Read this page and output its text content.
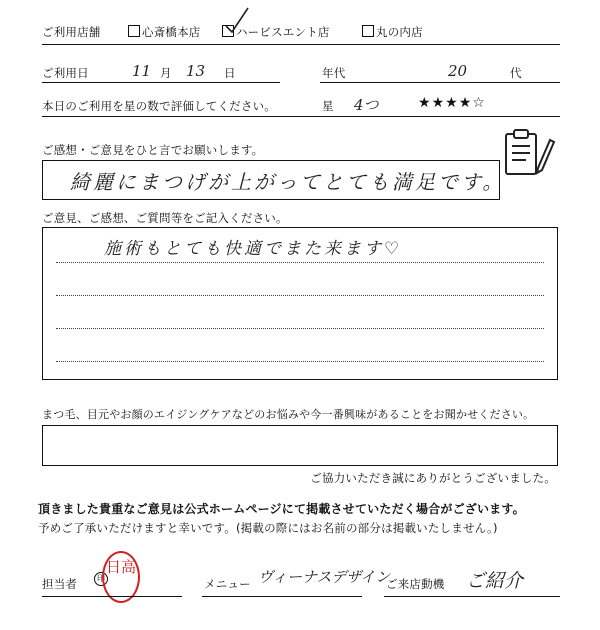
ご利用店舗	心斎橋本店	ハービスエント店	丸の内店
ご利用日	11 月 13 日	年代	20	代
本日のご利用を星の数で評価してください。	星 4つ	★★★★☆
ご感想・ご意見をひと言でお願いします。
綺麗にまつげが上がってとても満足です。
ご意見、ご感想、ご質問等をご記入ください。
施術もとても快適でまた来ます♡
まつ毛、目元やお顔のエイジングケアなどのお悩みや今一番興味があることをお聞かせください。
ご協力いただき誠にありがとうございました。
頂きました貴重なご意見は公式ホームページにて掲載させていただく場合がございます。
予めご了承いただけますと幸いです。(掲載の際にはお名前の部分は掲載いたしません。)
担当者	印
日高
メニュー ヴィーナスデザイン
ご来店動機 ご紹介
